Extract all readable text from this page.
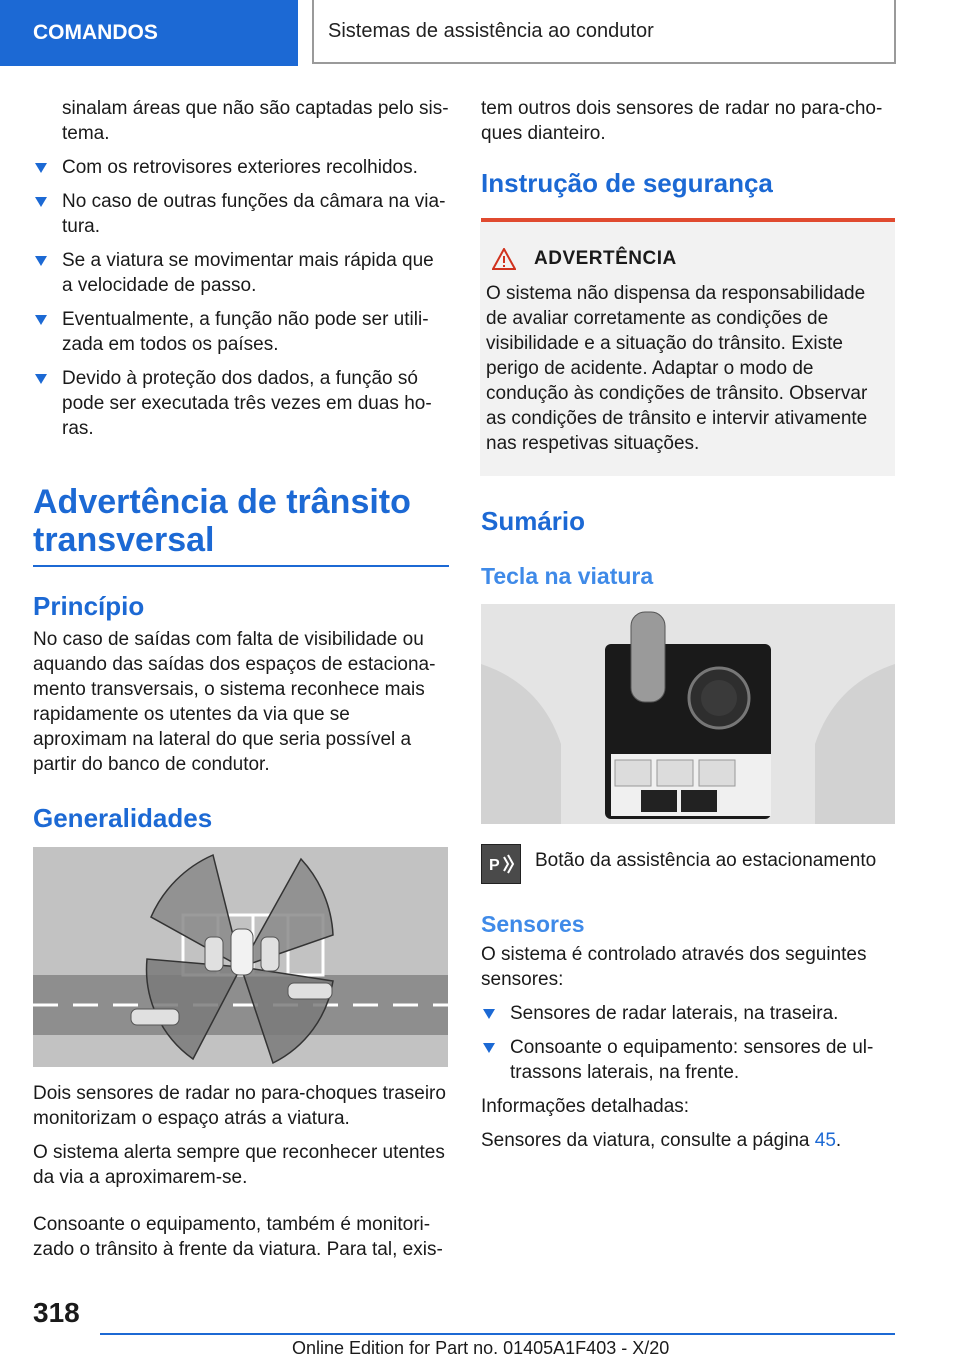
COMANDOS	Sistemas de assistência ao condutor
sinalam áreas que não são captadas pelo sistema.
Com os retrovisores exteriores recolhidos.
No caso de outras funções da câmara na viatura.
Se a viatura se movimentar mais rápida que a velocidade de passo.
Eventualmente, a função não pode ser utilizada em todos os países.
Devido à proteção dos dados, a função só pode ser executada três vezes em duas horas.
Advertência de trânsito transversal
Princípio

No caso de saídas com falta de visibilidade ou aquando das saídas dos espaços de estacionamento transversais, o sistema reconhece mais rapidamente os utentes da via que se aproximam na lateral do que seria possível a partir do banco de condutor.

Generalidades

Dois sensores de radar no para-choques traseiro monitorizam o espaço atrás a viatura.

O sistema alerta sempre que reconhecer utentes da via a aproximarem-se.

Consoante o equipamento, também é monitorizado o trânsito à frente da viatura. Para tal, exis-

tem outros dois sensores de radar no para-choques dianteiro.

Instrução de segurança
ADVERTÊNCIA
O sistema não dispensa da responsabilidade de avaliar corretamente as condições de visibilidade e a situação do trânsito. Existe perigo de acidente. Adaptar o modo de condução às condições de trânsito. Observar as condições de trânsito e intervir ativamente nas respetivas situações.
Sumário
Tecla na viatura
P Botão da assistência ao estacionamento
Sensores

O sistema é controlado através dos seguintes sensores:

Sensores de radar laterais, na traseira.
Consoante o equipamento: sensores de ultrassons laterais, na frente.

Informações detalhadas:

Sensores da viatura, consulte a página 45.

318
Online Edition for Part no. 01405A1F403 - X/20
